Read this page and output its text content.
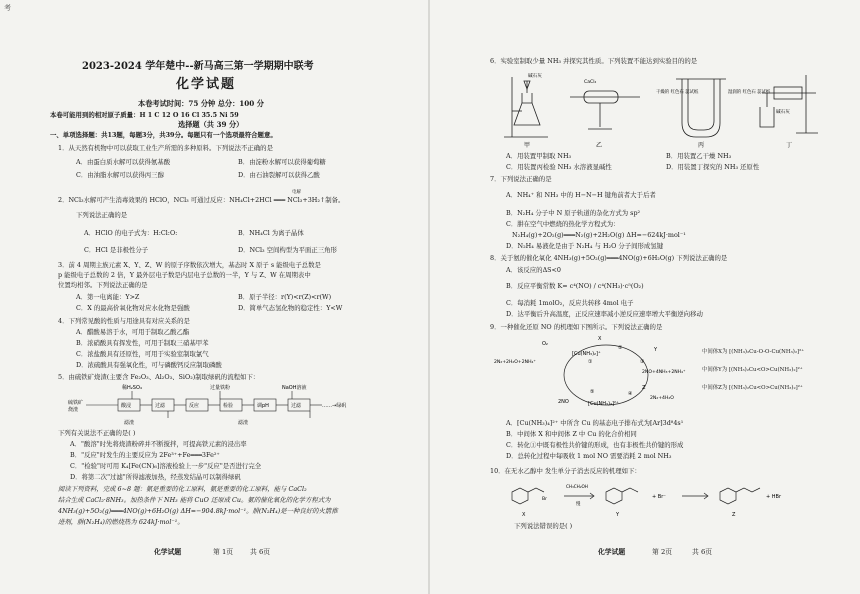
考
2023-2024 学年楚中--新马高三第一学期期中联考
化学试题
本卷考试时间：75 分钟 总分：100 分
本卷可能用到的相对原子质量：H 1 C 12 O 16 Cl 35.5 Ni 59
选择题（共 39 分）
一、单项选择题：共13题，每题3分，共39分。每题只有一个选项最符合题意。
1．从天然有机物中可以获取工业生产所需的多种原料。下列说法不正确的是
A．由蛋白质水解可以获得氨基酸	B．由淀粉水解可以获得葡萄糖
C．由油脂水解可以获得丙三醇	D．由石油裂解可以获得乙酸
电解
2．NCl₃水解可产生消毒效果的 HClO，NCl₃ 可通过反应：NH₄Cl+2HCl ═══ NCl₃+3H₂↑制备。
下列说法正确的是
A．HClO 的电子式为：H:Cl:O:	B．NH₄Cl 为离子晶体
C．HCl 是非极性分子	D．NCl₃ 空间构型为平面正三角形
3．前 4 周期主族元素 X、Y、Z、W 的原子序数依次增大，基态时 X 原子 s 能级电子总数是
p 能级电子总数的 2 倍，Y 最外层电子数是内层电子总数的一半，Y 与 Z、W 在周期表中
位置均相邻。下列说法正确的是
A．第一电离能：Y>Z	B．原子半径：r(Y)<r(Z)<r(W)
C．X 的最高价氧化物对应水化物是强酸	D．简单气态氢化物的稳定性：Y<W
4．下列常见酸的性质与用途具有对应关系的是
A．醋酸易溶于水，可用于制取乙酸乙酯
B．浓硝酸具有挥发性，可用于制取三硝基甲苯
C．浓盐酸具有还原性，可用于实验室制取氯气
D．浓硫酸具有强氧化性，可与磷酸钙反应制取磷酸
5．由硫铁矿烧渣(主要含 Fe₂O₃、Al₂O₃、SiO₂)制取绿矾的流程如下：
稀H₂SO₄	过量铁粉	NaOH溶液
硫铁矿
烧渣
酸浸	过滤	反应	检验	调pH	过滤
滤渣	滤渣
……→绿矾
下列有关说法不正确的是( )
A．"酸溶"时先将烧渣粉碎并不断搅拌，可提高铁元素的浸出率
B．"反应"时发生的主要反应为 2Fe³⁺+Fe═══3Fe²⁺
C．"检验"时可用 K₄[Fe(CN)₆]溶液检验上一步"反应"是否进行完全
D．将第二次"过滤"所得滤液加热，经蒸发结晶可以制得绿矾
阅读下列资料，完成 6~8 题：氨是重要的化工原料，氨是重要的化工原料，能与 CaCl₂
结合生成 CaCl₂·8NH₃。加热条件下 NH₃ 能将 CuO 还原成 Cu。氨的催化氧化的化学方程式为
4NH₃(g)+5O₂(g)═══4NO(g)+6H₂O(g) ΔH=−904.8kJ·mol⁻¹。肼(N₂H₄)是一种良好的火箭推
进剂，肼(N₂H₄)的燃烧热为 624kJ·mol⁻¹。
化学试题	第 1页 共 6页
6．实验室制取少量 NH₃ 并探究其性质。下列装置不能达到实验目的的是
碱石灰
甲
CaCl₂
乙
干燥的 红色石 蕊试纸	湿润的 红色石 蕊试纸
丙
碱石灰
丁
A．用装置甲制取 NH₃	B．用装置乙干燥 NH₃
C．用装置丙检验 NH₃ 水溶液显碱性	D．用装置丁探究的 NH₃ 还原性
7．下列说法正确的是
A．NH₄⁺ 和 NH₃ 中的 H−N−H 键角前者大于后者
B．N₂H₄ 分子中 N 原子轨道的杂化方式为 sp²
C．肼在空气中燃烧的热化学方程式为：
N₂H₄(g)+2O₂(g)═══N₂(g)+2H₂O(g) ΔH=−624kJ·mol⁻¹
D．N₂H₄ 易液化是由于 N₂H₄ 与 H₂O 分子间形成氢键
8．关于氨的催化氧化 4NH₃(g)+5O₂(g)═══4NO(g)+6H₂O(g) 下列说法正确的是
A．该反应的ΔS<0
B．反应平衡常数 K= c⁴(NO) / c⁴(NH₃)·c⁵(O₂)
C．每消耗 1molO₂，反应共转移 4mol 电子
D．达平衡后升高温度，正反应速率减小逆反应速率增大平衡逆向移动
9．一种催化还原 NO 的机理如下图所示。下列说法正确的是
X
Y
[Cu(NH₃)₂]⁺
O₂
2N₂+2H₂O+2NH₄⁺
2NO+4NH₃+2NH₄⁺
2NO	[Cu(NH₃)₄]²⁺
2N₂+4H₂O
Z
①
②
③
④
⑤
中间体X为 [(NH₃)₂Cu-O-O-Cu(NH₃)₂]²⁺
中间体Y为 [(NH₃)₂Cu<O>Cu(NH₃)₂]²⁺
中间体Z为 [(NH₃)₂Cu<O>Cu(NH₃)₂]²⁺
A．[Cu(NH₃)₄]²⁺ 中所含 Cu 的基态电子排布式为[Ar]3d⁸4s¹
B．中间体 X 和中间体 Z 中 Cu 的化合价相同
C．转化①中既有极性共价键的形成，也有非极性共价键的形成
D．总转化过程中每吸收 1 mol NO 需要消耗 2 mol NH₃
10．在无水乙醇中 发生单分子消去反应的机理如下：
Br
CH₃CH₂OH
慢
+ Br⁻	+ HBr
X	Y	Z
下列说法错误的是( )
化学试题	第 2页	共 6页
